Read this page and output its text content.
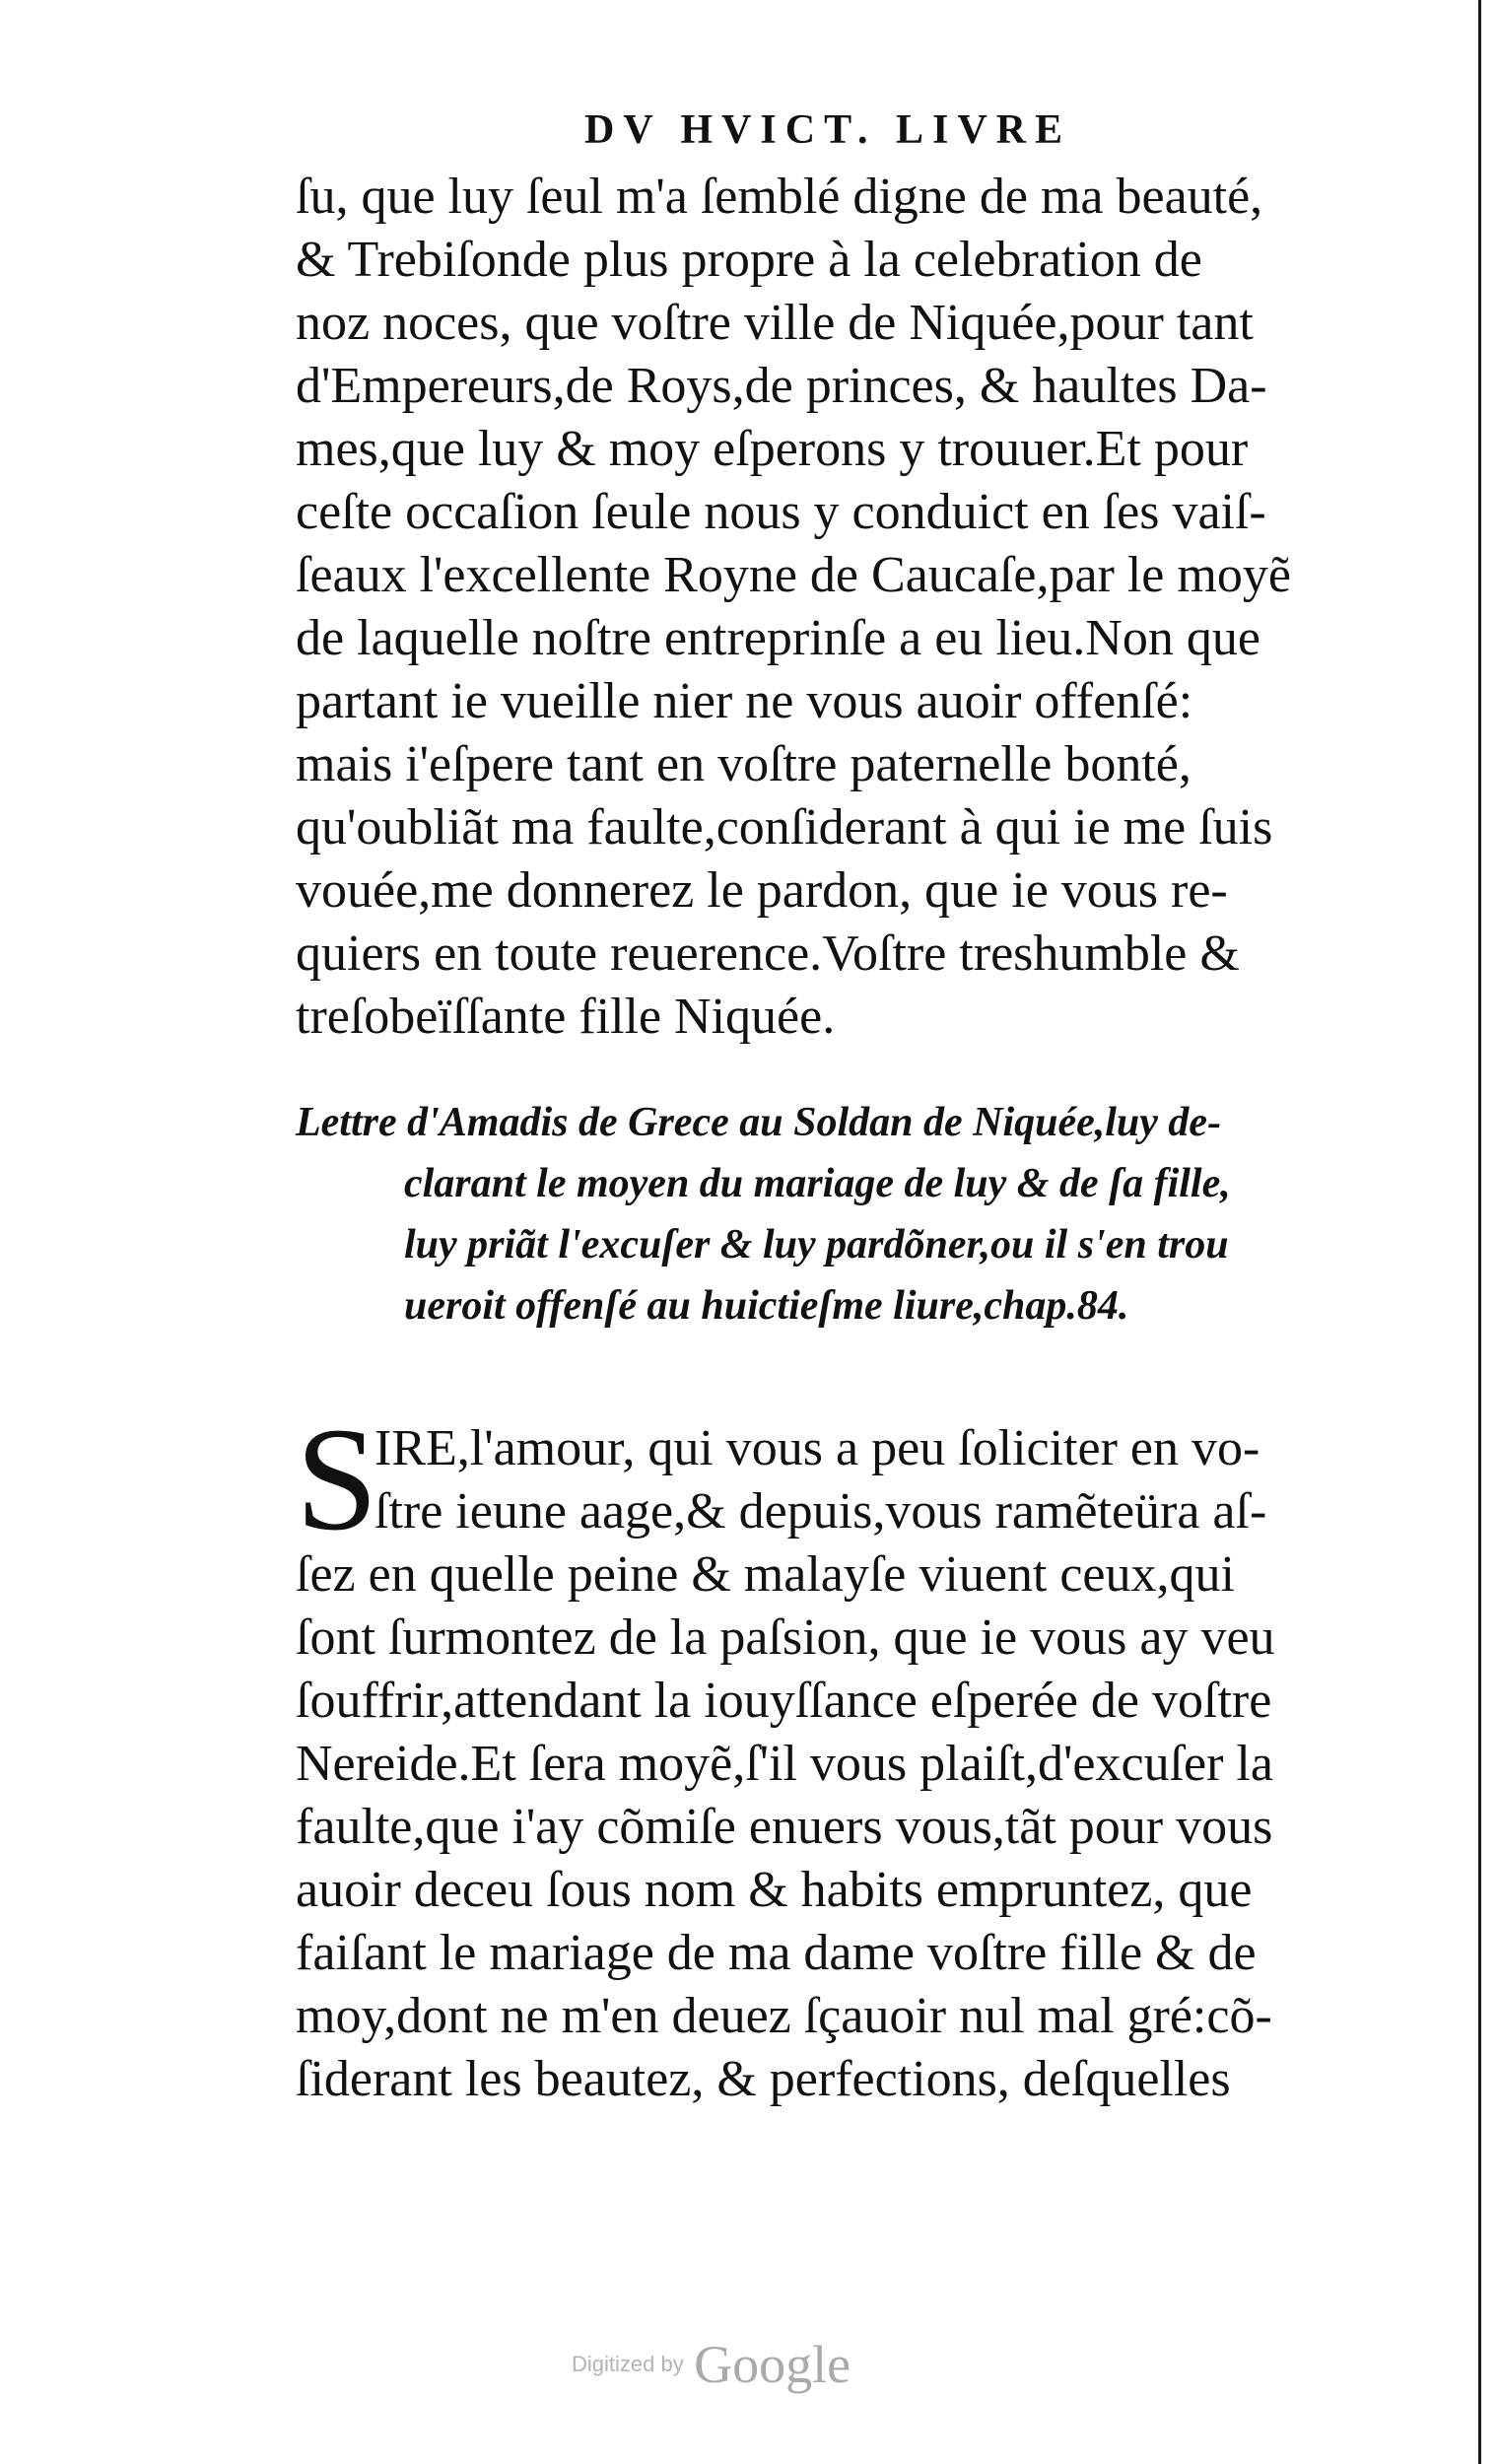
DV HVICT. LIVRE
ſu, que luy ſeul m'a ſemblé digne de ma beauté,
& Trebiſonde plus propre à la celebration de
noz noces, que voſtre ville de Niquée,pour tant
d'Empereurs,de Roys,de princes, & haultes Da-
mes,que luy & moy eſperons y trouuer.Et pour
ceſte occaſion ſeule nous y conduict en ſes vaiſ-
ſeaux l'excellente Royne de Caucaſe,par le moyẽ
de laquelle noſtre entreprinſe a eu lieu.Non que
partant ie vueille nier ne vous auoir offenſé:
mais i'eſpere tant en voſtre paternelle bonté,
qu'oubliãt ma faulte,conſiderant à qui ie me ſuis
vouée,me donnerez le pardon, que ie vous re-
quiers en toute reuerence.Voſtre treshumble &
treſobeïſſante fille Niquée.
Lettre d'Amadis de Grece au Soldan de Niquée,luy de-
clarant le moyen du mariage de luy & de ſa fille,
luy priãt l'excuſer & luy pardõner,ou il s'en trou
ueroit offenſé au huictieſme liure,chap.84.
S
IRE,l'amour, qui vous a peu ſoliciter en vo-
ſtre ieune aage,& depuis,vous ramẽteüra aſ-
ſez en quelle peine & malayſe viuent ceux,qui
ſont ſurmontez de la paſsion, que ie vous ay veu
ſouffrir,attendant la iouyſſance eſperée de voſtre
Nereide.Et ſera moyẽ,ſ'il vous plaiſt,d'excuſer la
faulte,que i'ay cõmiſe enuers vous,tãt pour vous
auoir deceu ſous nom & habits empruntez, que
faiſant le mariage de ma dame voſtre fille & de
moy,dont ne m'en deuez ſçauoir nul mal gré:cõ-
ſiderant les beautez, & perfections, deſquelles
Digitized by Google
